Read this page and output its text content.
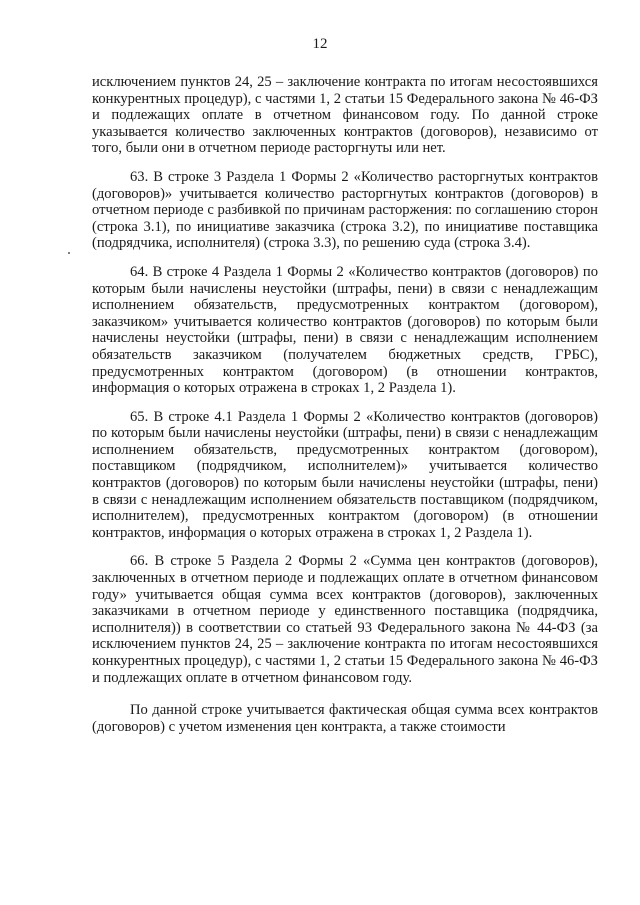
12

исключением пунктов 24, 25 – заключение контракта по итогам несостоявшихся конкурентных процедур), с частями 1, 2 статьи 15 Федерального закона № 46-ФЗ и подлежащих оплате в отчетном финансовом году. По данной строке указывается количество заключенных контрактов (договоров), независимо от того, были они в отчетном периоде расторгнуты или нет.

63. В строке 3 Раздела 1 Формы 2 «Количество расторгнутых контрактов (договоров)» учитывается количество расторгнутых контрактов (договоров) в отчетном периоде с разбивкой по причинам расторжения: по соглашению сторон (строка 3.1), по инициативе заказчика (строка 3.2), по инициативе поставщика (подрядчика, исполнителя) (строка 3.3), по решению суда (строка 3.4).

64. В строке 4 Раздела 1 Формы 2 «Количество контрактов (договоров) по которым были начислены неустойки (штрафы, пени) в связи с ненадлежащим исполнением обязательств, предусмотренных контрактом (договором), заказчиком» учитывается количество контрактов (договоров) по которым были начислены неустойки (штрафы, пени) в связи с ненадлежащим исполнением обязательств заказчиком (получателем бюджетных средств, ГРБС), предусмотренных контрактом (договором) (в отношении контрактов, информация о которых отражена в строках 1, 2 Раздела 1).

65. В строке 4.1 Раздела 1 Формы 2 «Количество контрактов (договоров) по которым были начислены неустойки (штрафы, пени) в связи с ненадлежащим исполнением обязательств, предусмотренных контрактом (договором), поставщиком (подрядчиком, исполнителем)» учитывается количество контрактов (договоров) по которым были начислены неустойки (штрафы, пени) в связи с ненадлежащим исполнением обязательств поставщиком (подрядчиком, исполнителем), предусмотренных контрактом (договором) (в отношении контрактов, информация о которых отражена в строках 1, 2 Раздела 1).

66. В строке 5 Раздела 2 Формы 2 «Сумма цен контрактов (договоров), заключенных в отчетном периоде и подлежащих оплате в отчетном финансовом году» учитывается общая сумма всех контрактов (договоров), заключенных заказчиками в отчетном периоде у единственного поставщика (подрядчика, исполнителя)) в соответствии со статьей 93 Федерального закона № 44-ФЗ (за исключением пунктов 24, 25 – заключение контракта по итогам несостоявшихся конкурентных процедур), с частями 1, 2 статьи 15 Федерального закона № 46-ФЗ и подлежащих оплате в отчетном финансовом году.

По данной строке учитывается фактическая общая сумма всех контрактов (договоров) с учетом изменения цен контракта, а также стоимости
